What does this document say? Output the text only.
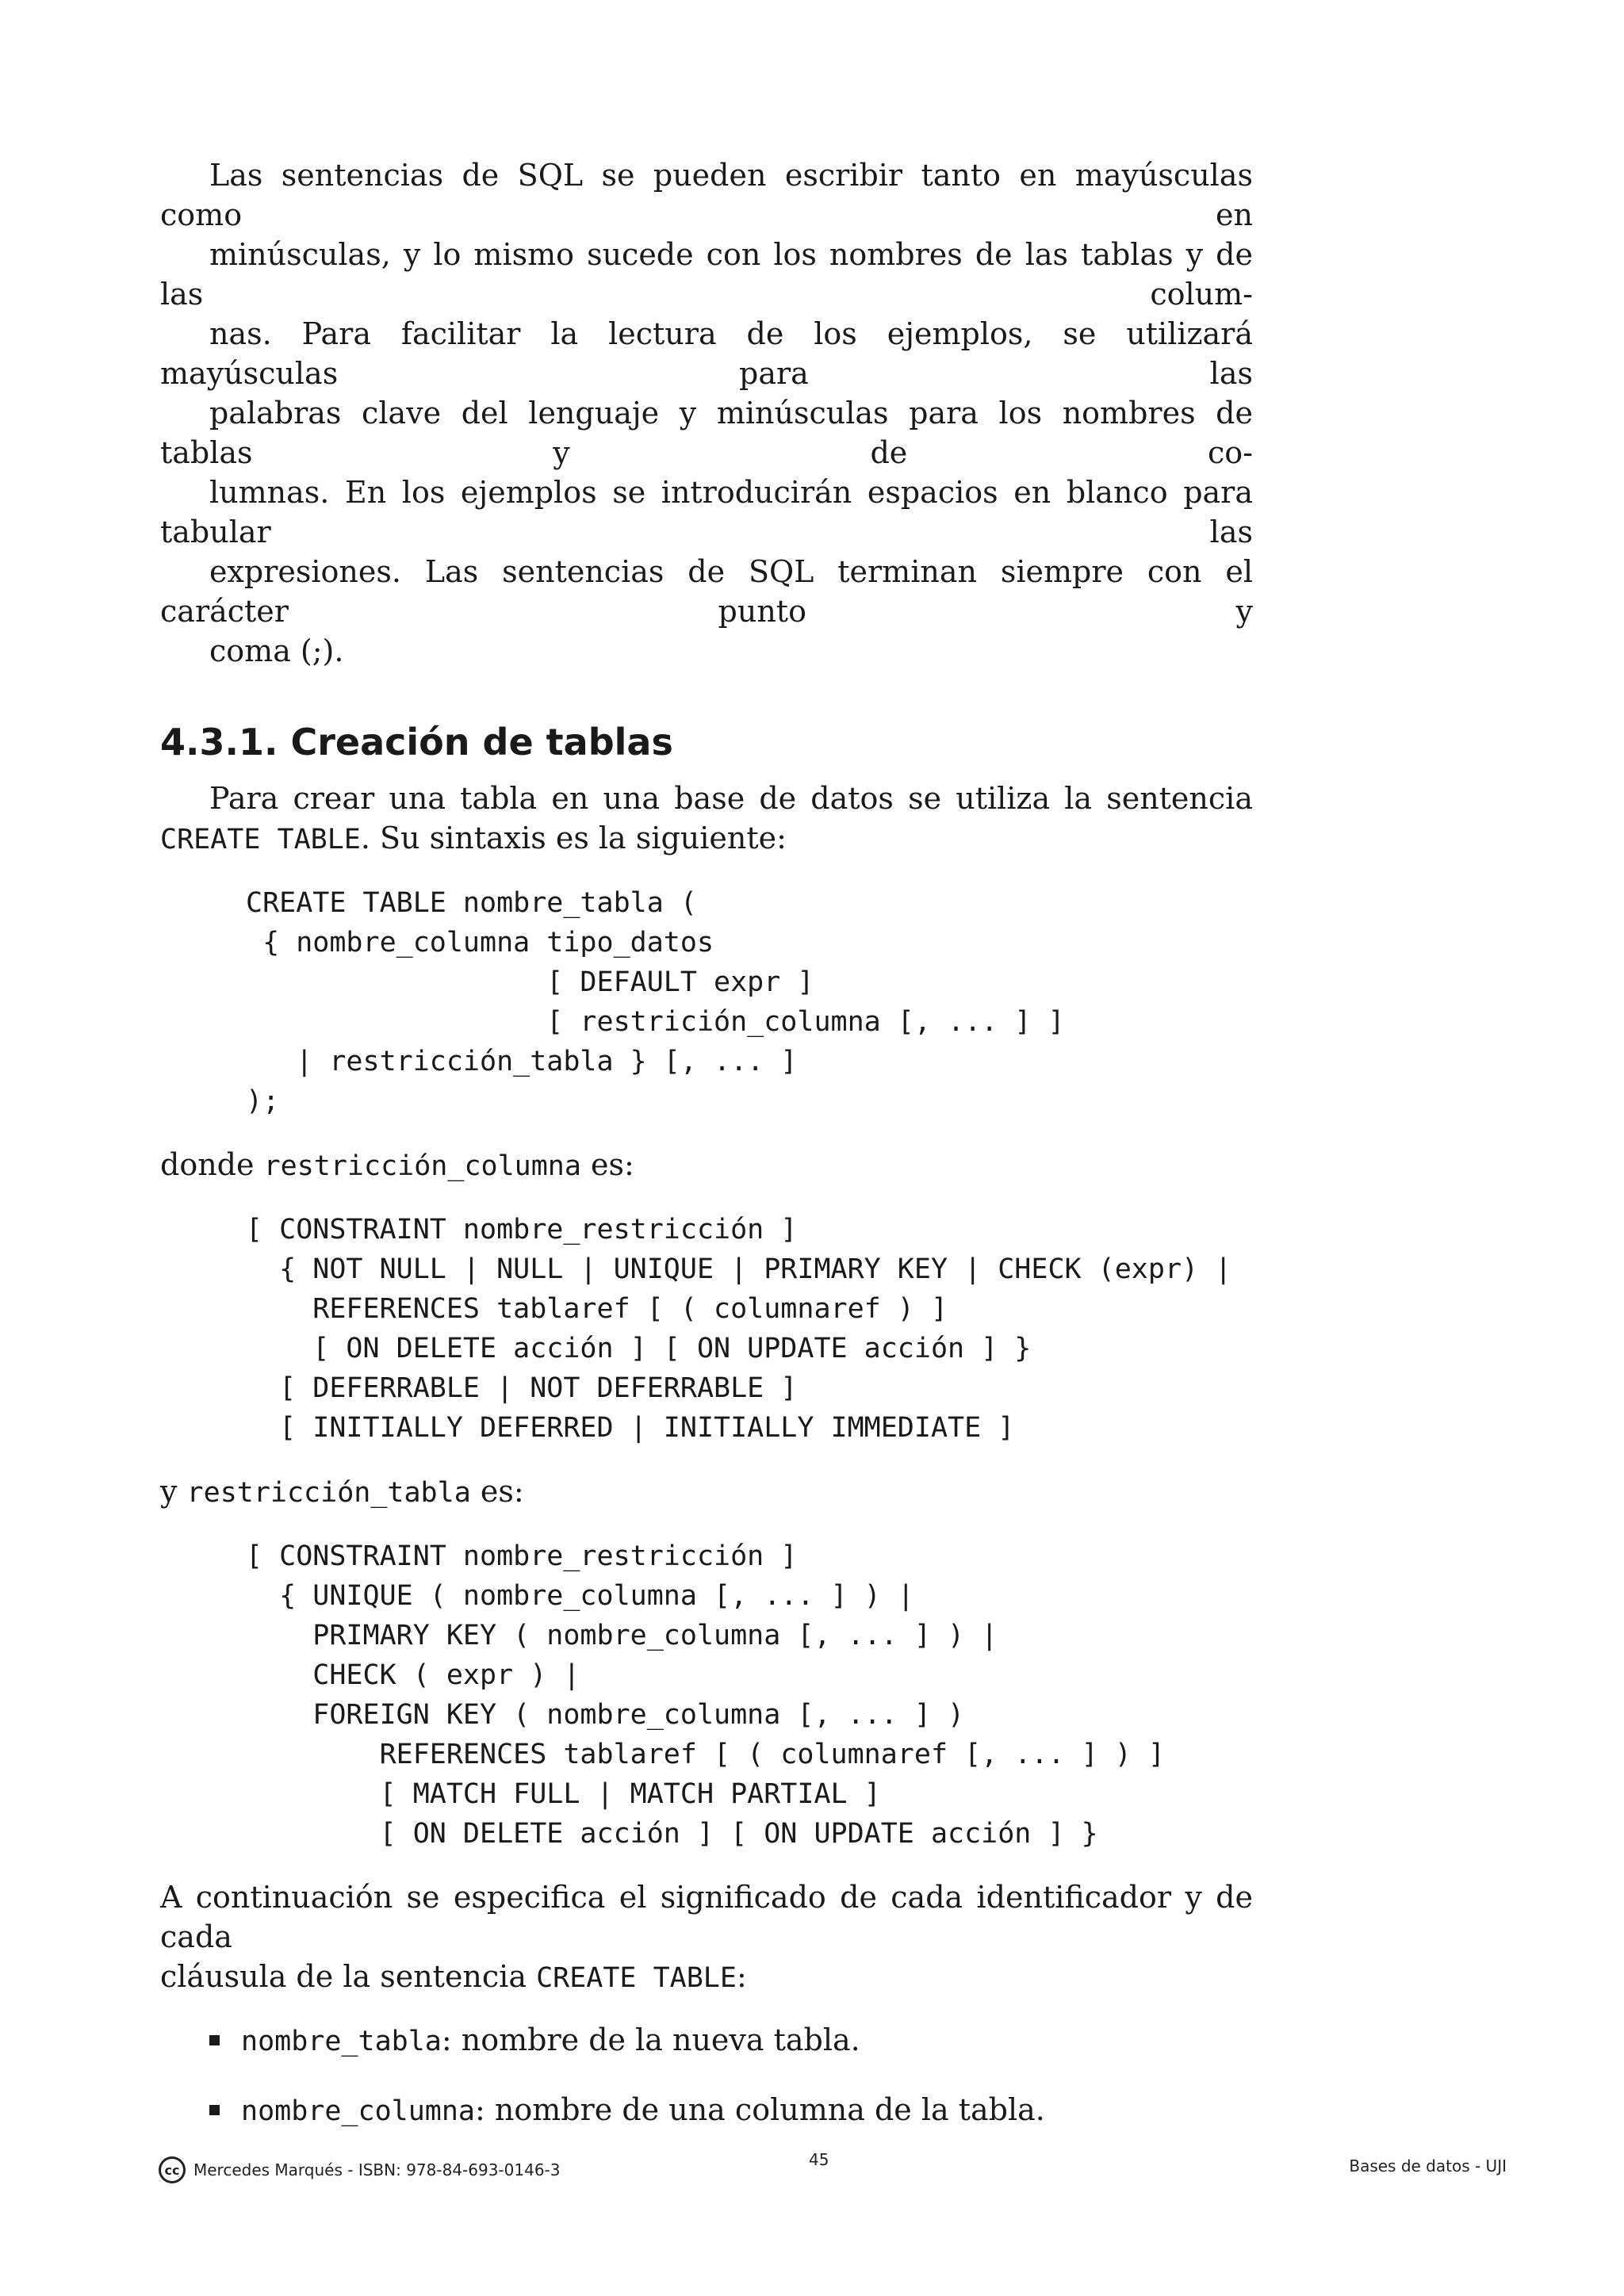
Las sentencias de SQL se pueden escribir tanto en mayúsculas como en
minúsculas, y lo mismo sucede con los nombres de las tablas y de las colum-
nas. Para facilitar la lectura de los ejemplos, se utilizará mayúsculas para las
palabras clave del lenguaje y minúsculas para los nombres de tablas y de co-
lumnas. En los ejemplos se introducirán espacios en blanco para tabular las
expresiones. Las sentencias de SQL terminan siempre con el carácter punto y
coma (;).

4.3.1. Creación de tablas

Para crear una tabla en una base de datos se utiliza la sentencia CREATE TABLE. Su sintaxis es la siguiente:

CREATE TABLE nombre_tabla (
{ nombre_columna tipo_datos
[ DEFAULT expr ]
[ restrición_columna [, ... ] ]
| restricción_tabla } [, ... ]
);

donde restricción_columna es:

[ CONSTRAINT nombre_restricción ]
{ NOT NULL | NULL | UNIQUE | PRIMARY KEY | CHECK (expr) |
REFERENCES tablaref [ ( columnaref ) ]
[ ON DELETE acción ] [ ON UPDATE acción ] }
[ DEFERRABLE | NOT DEFERRABLE ]
[ INITIALLY DEFERRED | INITIALLY IMMEDIATE ]

y restricción_tabla es:

[ CONSTRAINT nombre_restricción ]
{ UNIQUE ( nombre_columna [, ... ] ) |
PRIMARY KEY ( nombre_columna [, ... ] ) |
CHECK ( expr ) |
FOREIGN KEY ( nombre_columna [, ... ] )
REFERENCES tablaref [ ( columnaref [, ... ] ) ]
[ MATCH FULL | MATCH PARTIAL ]
[ ON DELETE acción ] [ ON UPDATE acción ] }

A continuación se especifica el significado de cada identificador y de cada
cláusula de la sentencia CREATE TABLE:

nombre_tabla: nombre de la nueva tabla.
nombre_columna: nombre de una columna de la tabla.
cc Mercedes Marqués - ISBN: 978-84-693-0146-3
45	Bases de datos - UJI
